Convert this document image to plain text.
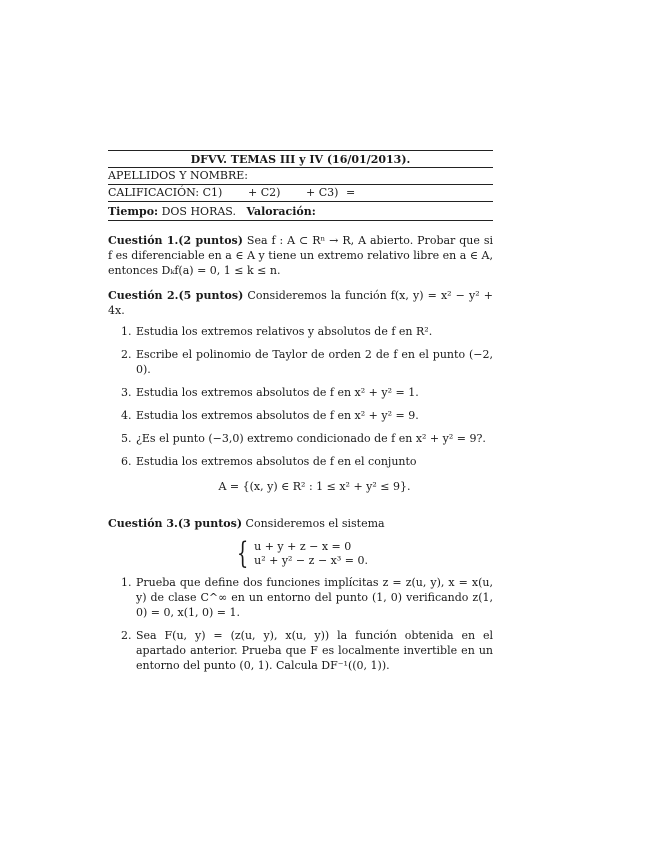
DFVV. TEMAS III y IV (16/01/2013).
APELLIDOS Y NOMBRE:
CALIFICACIÓN: C1) + C2) + C3) =
Tiempo: DOS HORAS. Valoración:

Cuestión 1.(2 puntos) Sea f : A ⊂ Rⁿ → R, A abierto. Probar que si f es diferenciable en a ∈ A y tiene un extremo relativo libre en a ∈ A, entonces Dₖf(a) = 0, 1 ≤ k ≤ n.

Cuestión 2.(5 puntos) Consideremos la función f(x, y) = x² − y² + 4x.

1. Estudia los extremos relativos y absolutos de f en R².
2. Escribe el polinomio de Taylor de orden 2 de f en el punto (−2, 0).
3. Estudia los extremos absolutos de f en x² + y² = 1.
4. Estudia los extremos absolutos de f en x² + y² = 9.
5. ¿Es el punto (−3,0) extremo condicionado de f en x² + y² = 9?.
6. Estudia los extremos absolutos de f en el conjunto
A = {(x, y) ∈ R² : 1 ≤ x² + y² ≤ 9}.

Cuestión 3.(3 puntos) Consideremos el sistema

{ u + y + z − x = 0
u² + y² − z − x³ = 0.
1. Prueba que define dos funciones implícitas z = z(u, y), x = x(u, y) de clase C^∞ en un entorno del punto (1, 0) verificando z(1, 0) = 0, x(1, 0) = 1.
2. Sea F(u, y) = (z(u, y), x(u, y)) la función obtenida en el apartado anterior. Prueba que F es localmente invertible en un entorno del punto (0, 1). Calcula DF⁻¹((0, 1)).
